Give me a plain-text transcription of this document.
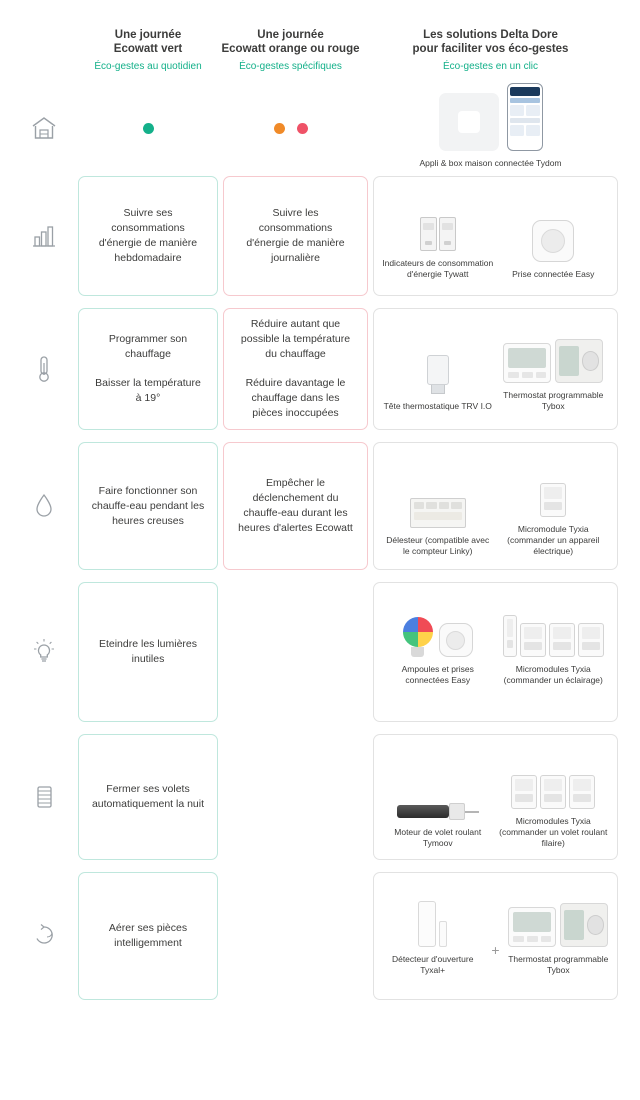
Une journée
Ecowatt vert
Éco-gestes au quotidien
Une journée
Ecowatt orange ou rouge
Éco-gestes spécifiques
Les solutions Delta Dore
pour faciliter vos éco-gestes
Éco-gestes en un clic
Appli & box maison connectée Tydom

Suivre ses consommations d'énergie de manière hebdomadaire

Suivre les consommations d'énergie de manière journalière	Indicateurs de consommation d'énergie Tywatt	Prise connectée Easy

Programmer son chauffage

Baisser la température à 19°

Réduire autant que possible la température du chauffage

Réduire davantage le chauffage dans les pièces inoccupées

Tête thermostatique TRV I.O
Thermostat programmable Tybox

Faire fonctionner son chauffe-eau pendant les heures creuses

Empêcher le déclenchement du chauffe-eau durant les heures d'alertes Ecowatt

Délesteur (compatible avec le compteur Linky)
Micromodule Tyxia (commander un appareil électrique)

Eteindre les lumières inutiles

Ampoules et prises connectées Easy
Micromodules Tyxia (commander un éclairage)

Fermer ses volets automatiquement la nuit

Moteur de volet roulant Tymoov
Micromodules Tyxia (commander un volet roulant filaire)

Aérer ses pièces intelligemment

Détecteur d'ouverture Tyxal+
+
Thermostat programmable Tybox
